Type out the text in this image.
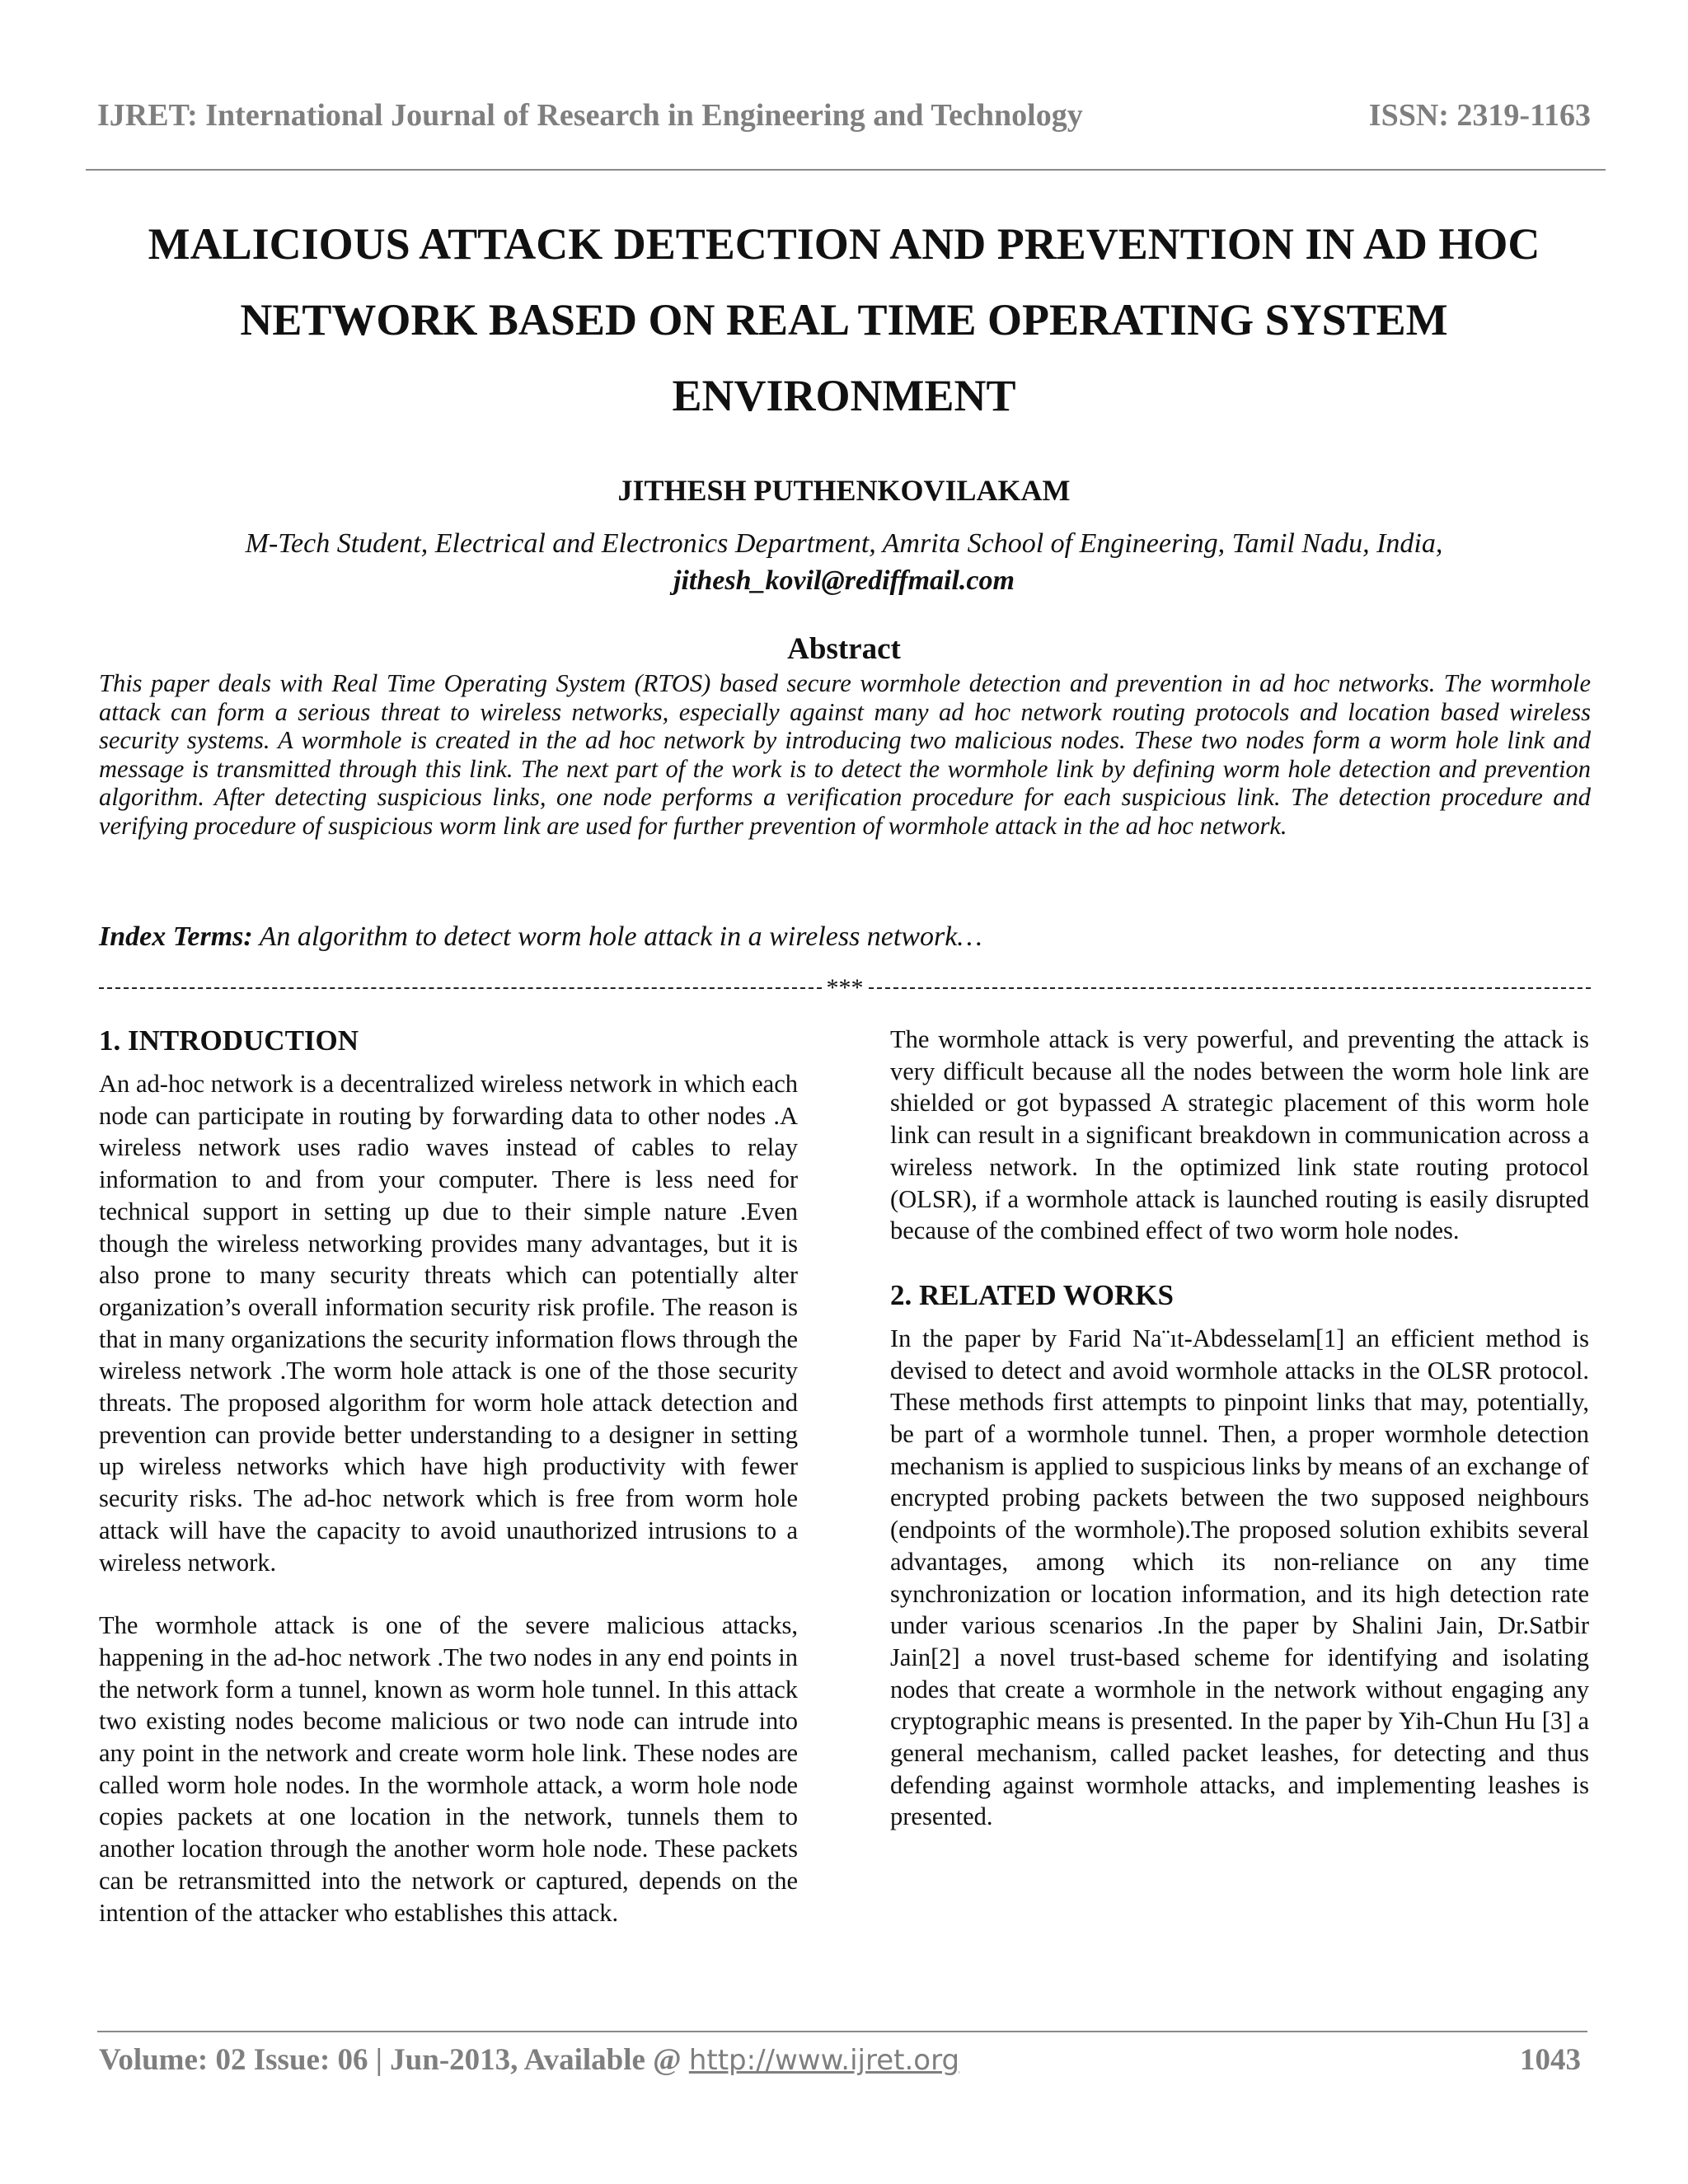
IJRET: International Journal of Research in Engineering and Technology	ISSN: 2319-1163
MALICIOUS ATTACK DETECTION AND PREVENTION IN AD HOC NETWORK BASED ON REAL TIME OPERATING SYSTEM ENVIRONMENT
JITHESH PUTHENKOVILAKAM
M-Tech Student, Electrical and Electronics Department, Amrita School of Engineering, Tamil Nadu, India,
jithesh_kovil@rediffmail.com
Abstract

This paper deals with Real Time Operating System (RTOS) based secure wormhole detection and prevention in ad hoc networks. The wormhole attack can form a serious threat to wireless networks, especially against many ad hoc network routing protocols and location based wireless security systems. A wormhole is created in the ad hoc network by introducing two malicious nodes. These two nodes form a worm hole link and message is transmitted through this link. The next part of the work is to detect the wormhole link by defining worm hole detection and prevention algorithm. After detecting suspicious links, one node performs a verification procedure for each suspicious link. The detection procedure and verifying procedure of suspicious worm link are used for further prevention of wormhole attack in the ad hoc network.

Index Terms: An algorithm to detect worm hole attack in a wireless network…
***
1. INTRODUCTION

An ad-hoc network is a decentralized wireless network in which each node can participate in routing by forwarding data to other nodes .A wireless network uses radio waves instead of cables to relay information to and from your computer. There is less need for technical support in setting up due to their simple nature .Even though the wireless networking provides many advantages, but it is also prone to many security threats which can potentially alter organization’s overall information security risk profile. The reason is that in many organizations the security information flows through the wireless network .The worm hole attack is one of the those security threats. The proposed algorithm for worm hole attack detection and prevention can provide better understanding to a designer in setting up wireless networks which have high productivity with fewer security risks. The ad-hoc network which is free from worm hole attack will have the capacity to avoid unauthorized intrusions to a wireless network.

The wormhole attack is one of the severe malicious attacks, happening in the ad-hoc network .The two nodes in any end points in the network form a tunnel, known as worm hole tunnel. In this attack two existing nodes become malicious or two node can intrude into any point in the network and create worm hole link. These nodes are called worm hole nodes. In the wormhole attack, a worm hole node copies packets at one location in the network, tunnels them to another location through the another worm hole node. These packets can be retransmitted into the network or captured, depends on the intention of the attacker who establishes this attack.

The wormhole attack is very powerful, and preventing the attack is very difficult because all the nodes between the worm hole link are shielded or got bypassed A strategic placement of this worm hole link can result in a significant breakdown in communication across a wireless network. In the optimized link state routing protocol (OLSR), if a wormhole attack is launched routing is easily disrupted because of the combined effect of two worm hole nodes.

2. RELATED WORKS

In the paper by Farid Na¨ıt-Abdesselam[1] an efficient method is devised to detect and avoid wormhole attacks in the OLSR protocol. These methods first attempts to pinpoint links that may, potentially, be part of a wormhole tunnel. Then, a proper wormhole detection mechanism is applied to suspicious links by means of an exchange of encrypted probing packets between the two supposed neighbours (endpoints of the wormhole).The proposed solution exhibits several advantages, among which its non-reliance on any time synchronization or location information, and its high detection rate under various scenarios .In the paper by Shalini Jain, Dr.Satbir Jain[2] a novel trust-based scheme for identifying and isolating nodes that create a wormhole in the network without engaging any cryptographic means is presented. In the paper by Yih-Chun Hu [3] a general mechanism, called packet leashes, for detecting and thus defending against wormhole attacks, and implementing leashes is presented.

Volume: 02 Issue: 06 | Jun-2013, Available @ http://www.ijret.org	1043
